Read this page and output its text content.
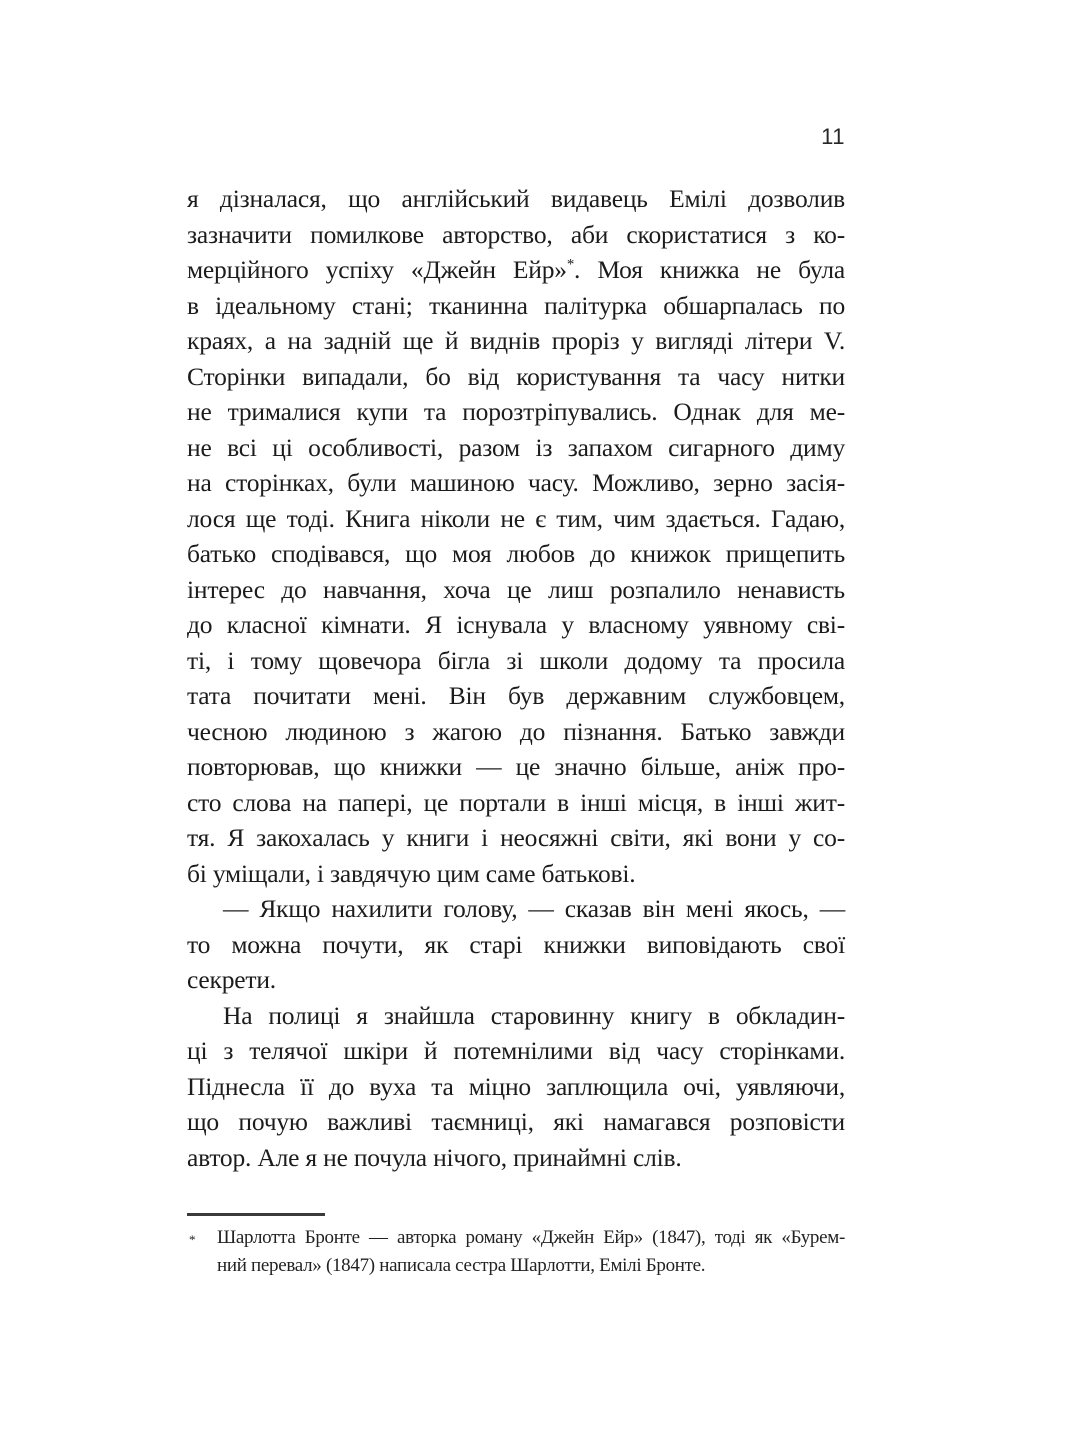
11
я дізналася, що англійський видавець Емілі дозволив
зазначити помилкове авторство, аби скористатися з ко-
мерційного успіху «Джейн Ейр»*. Моя книжка не була
в ідеальному стані; тканинна палітурка обшарпалась по
краях, а на задній ще й виднів проріз у вигляді літери V.
Сторінки випадали, бо від користування та часу нитки
не трималися купи та порозтріпувались. Однак для ме-
не всі ці особливості, разом із запахом сигарного диму
на сторінках, були машиною часу. Можливо, зерно засія-
лося ще тоді. Книга ніколи не є тим, чим здається. Гадаю,
батько сподівався, що моя любов до книжок прищепить
інтерес до навчання, хоча це лиш розпалило ненависть
до класної кімнати. Я існувала у власному уявному сві-
ті, і тому щовечора бігла зі школи додому та просила
тата почитати мені. Він був державним службовцем,
чесною людиною з жагою до пізнання. Батько завжди
повторював, що книжки — це значно більше, аніж про-
сто слова на папері, це портали в інші місця, в інші жит-
тя. Я закохалась у книги і неосяжні світи, які вони у со-
бі уміщали, і завдячую цим саме батькові.
— Якщо нахилити голову, — сказав він мені якось, —
то можна почути, як старі книжки виповідають свої
секрети.
На полиці я знайшла старовинну книгу в обкладин-
ці з телячої шкіри й потемнілими від часу сторінками.
Піднесла її до вуха та міцно заплющила очі, уявляючи,
що почую важливі таємниці, які намагався розповісти
автор. Але я не почула нічого, принаймні слів.
*	Шарлотта Бронте — авторка роману «Джейн Ейр» (1847), тоді як «Бурем-
ний перевал» (1847) написала сестра Шарлотти, Емілі Бронте.
